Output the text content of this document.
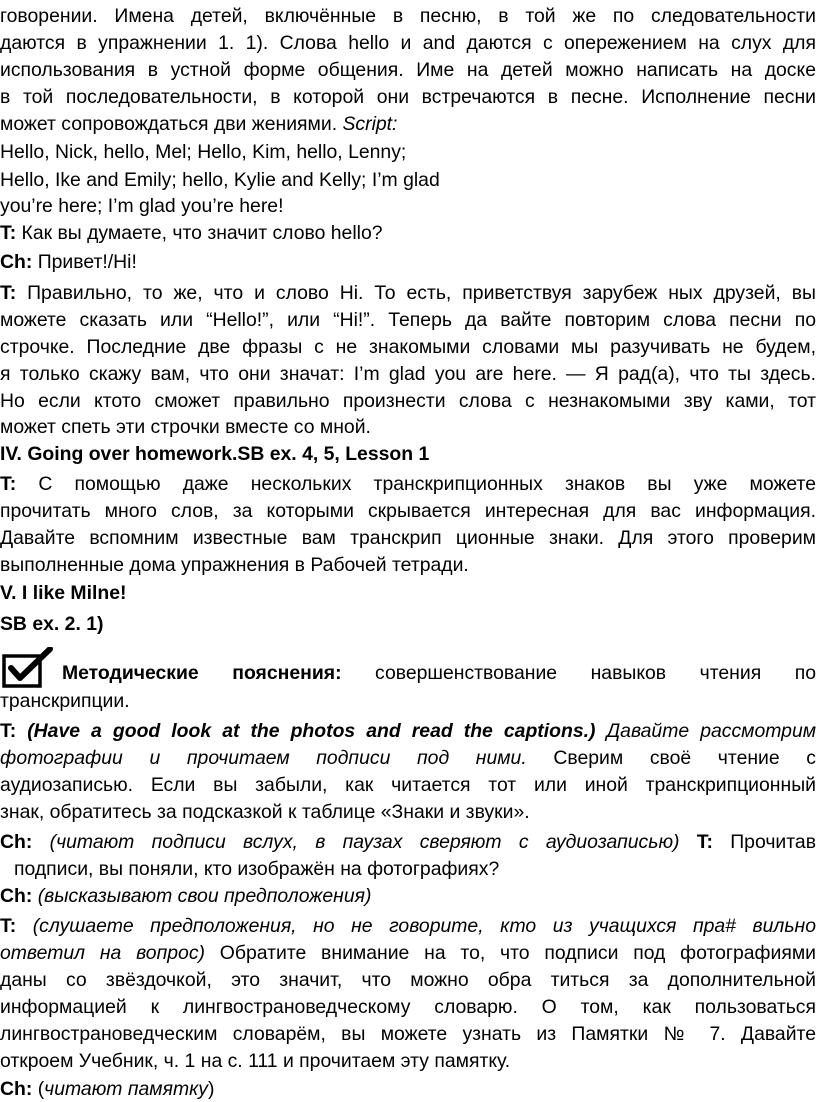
говорении. Имена детей, включённые в песню, в той же по следовательности
даются в упражнении 1. 1). Слова hello и and даются с опережением на слух для
использования в устной форме общения. Име на детей можно написать на доске
в той последовательности, в которой они встречаются в песне. Исполнение песни
может сопровождаться дви жениями. Script:
Hello, Nick, hello, Mel; Hello, Kim, hello, Lenny;
Hello, Ike and Emily; hello, Kylie and Kelly; I’m glad
you’re here; I’m glad you’re here!
T: Как вы думаете, что значит слово hello?
Ch: Привет!/Hi!
T: Правильно, то же, что и слово Hi. То есть, приветствуя зарубеж ных друзей, вы
можете сказать или “Hello!”, или “Hi!”. Теперь да вайте повторим слова песни по
строчке. Последние две фразы с не знакомыми словами мы разучивать не будем,
я только скажу вам, что они значат: I’m glad you are here. — Я рад(а), что ты здесь.
Но если ктото сможет правильно произнести слова с незнакомыми зву ками, тот
может спеть эти строчки вместе со мной.
IV. Going over homework.SB ex. 4, 5, Lesson 1
T: С помощью даже нескольких транскрипционных знаков вы уже можете
прочитать много слов, за которыми скрывается интересная для вас информация.
Давайте вспомним известные вам транскрип ционные знаки. Для этого проверим
выполненные дома упражнения в Рабочей тетради.
V. I like Milne!
SB ex. 2. 1)
Методические пояснения: совершенствование навыков чтения по
транскрипции.
T: (Have a good look at the photos and read the captions.) Давайте рассмотрим
фотографии и прочитаем подписи под ними. Сверим своё чтение с
аудиозаписью. Если вы забыли, как читается тот или иной транскрипционный
знак, обратитесь за подсказкой к таблице «Знаки и звуки».
Ch: (читают подписи вслух, в паузах сверяют с аудиозаписью) T: Прочитав
подписи, вы поняли, кто изображён на фотографиях?
Ch: (высказывают свои предположения)
T: (слушаете предположения, но не говорите, кто из учащихся пра# вильно
ответил на вопрос) Обратите внимание на то, что подписи под фотографиями
даны со звёздочкой, это значит, что можно обра титься за дополнительной
информацией к лингвострановедческому словарю. О том, как пользоваться
лингвострановедческим словарём, вы можете узнать из Памятки № 7. Давайте
откроем Учебник, ч. 1 на с. 111 и прочитаем эту памятку.
Ch: (читают памятку)
